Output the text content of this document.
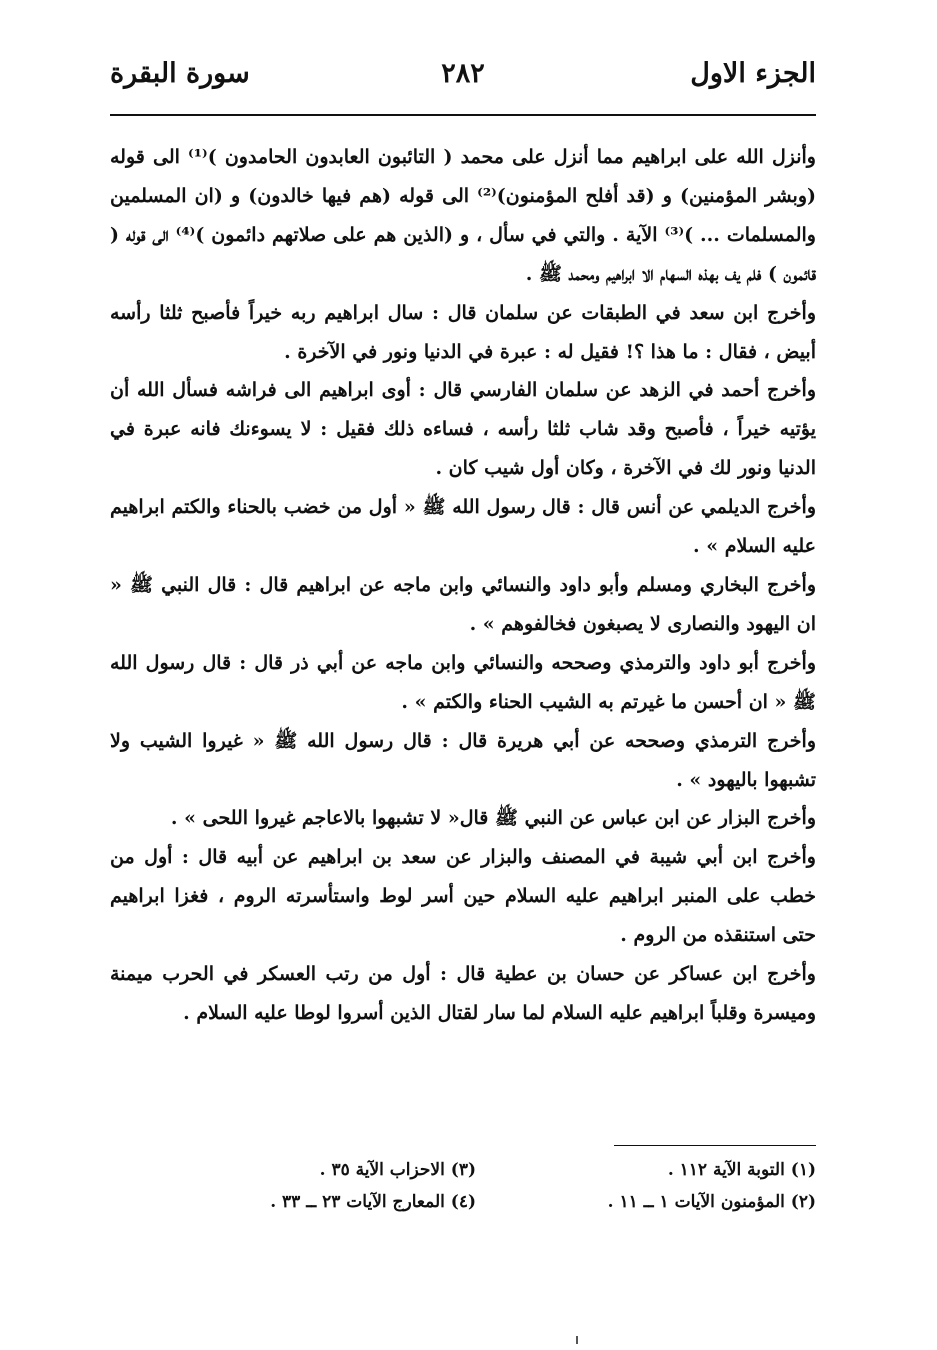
الجزء الاول
٢٨٢
سورة البقرة

وأنزل الله على ابراهيم مما أنزل على محمد ( التائبون العابدون الحامدون )⁽¹⁾ الى قوله (وبشر المؤمنين) و (قد أفلح المؤمنون)⁽²⁾ الى قوله (هم فيها خالدون) و (ان المسلمين والمسلمات ... )⁽³⁾ الآية . والتي في سأل ، و (الذين هم على صلاتهم دائمون )⁽⁴⁾ الى قوله ( قائمون ) فلم يف بهذه السهام الا ابراهيم ومحمد ﷺ .

وأخرج ابن سعد في الطبقات عن سلمان قال : سال ابراهيم ربه خيراً فأصبح ثلثا رأسه أبيض ، فقال : ما هذا ؟! فقيل له : عبرة في الدنيا ونور في الآخرة .

وأخرج أحمد في الزهد عن سلمان الفارسي قال : أوى ابراهيم الى فراشه فسأل الله أن يؤتيه خيراً ، فأصبح وقد شاب ثلثا رأسه ، فساءه ذلك فقيل : لا يسوءنك فانه عبرة في الدنيا ونور لك في الآخرة ، وكان أول شيب كان .

وأخرج الديلمي عن أنس قال : قال رسول الله ﷺ « أول من خضب بالحناء والكتم ابراهيم عليه السلام » .

وأخرج البخاري ومسلم وأبو داود والنسائي وابن ماجه عن ابراهيم قال : قال النبي ﷺ « ان اليهود والنصارى لا يصبغون فخالفوهم » .

وأخرج أبو داود والترمذي وصححه والنسائي وابن ماجه عن أبي ذر قال : قال رسول الله ﷺ « ان أحسن ما غيرتم به الشيب الحناء والكتم » .

وأخرج الترمذي وصححه عن أبي هريرة قال : قال رسول الله ﷺ « غيروا الشيب ولا تشبهوا باليهود » .

وأخرج البزار عن ابن عباس عن النبي ﷺ قال« لا تشبهوا بالاعاجم غيروا اللحى » .

وأخرج ابن أبي شيبة في المصنف والبزار عن سعد بن ابراهيم عن أبيه قال : أول من خطب على المنبر ابراهيم عليه السلام حين أسر لوط واستأسرته الروم ، فغزا ابراهيم حتى استنقذه من الروم .

وأخرج ابن عساكر عن حسان بن عطية قال : أول من رتب العسكر في الحرب ميمنة وميسرة وقلباً ابراهيم عليه السلام لما سار لقتال الذين أسروا لوطا عليه السلام .

(١) التوبة الآية ١١٢ .
(٢) المؤمنون الآيات ١ ــ ١١ .
(٣) الاحزاب الآية ٣٥ .
(٤) المعارج الآيات ٢٣ ــ ٣٣ .
